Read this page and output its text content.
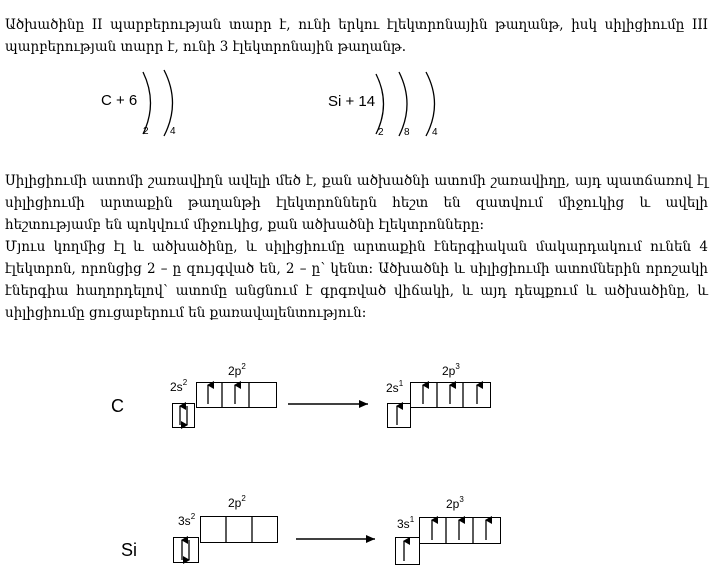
Ածխածինը II պարբերության տարր է, ունի երկու էլեկտրոնային թաղանթ, իսկ սիլիցիումը III պարբերության տարր է, ունի 3 էլեկտրոնային թաղանթ.
C + 6
2 4
Si + 14
2 8 4
Սիլիցիումի ատոմի շառավիղն ավելի մեծ է, քան ածխածնի ատոմի շառավիղը, այդ պատճառով էլ սիլիցիումի արտաքին թաղանթի էլեկտրոններն հեշտ են զատվում միջուկից և ավելի հեշտությամբ են պոկվում միջուկից, քան ածխածնի էլեկտրոնները:
Մյուս կողմից էլ և ածխածինը, և սիլիցիումը արտաքին էներգիական մակարդակում ունեն 4 էլեկտրոն, որոնցից 2 – ը զույգված են, 2 – ը՝ կենտ: Ածխածնի և սիլիցիումի ատոմներին որոշակի էներգիա հաղորդելով՝ ատոմը անցնում է գրգռված վիճակի, և այդ դեպքում և ածխածինը, և սիլիցիումը ցուցաբերում են քառավալենտություն:
C
$2s^2$
$2p^2$
$2s^1$
$2p^3$
Si
$3s^2$
$2p^2$
$3s^1$
$2p^3$
